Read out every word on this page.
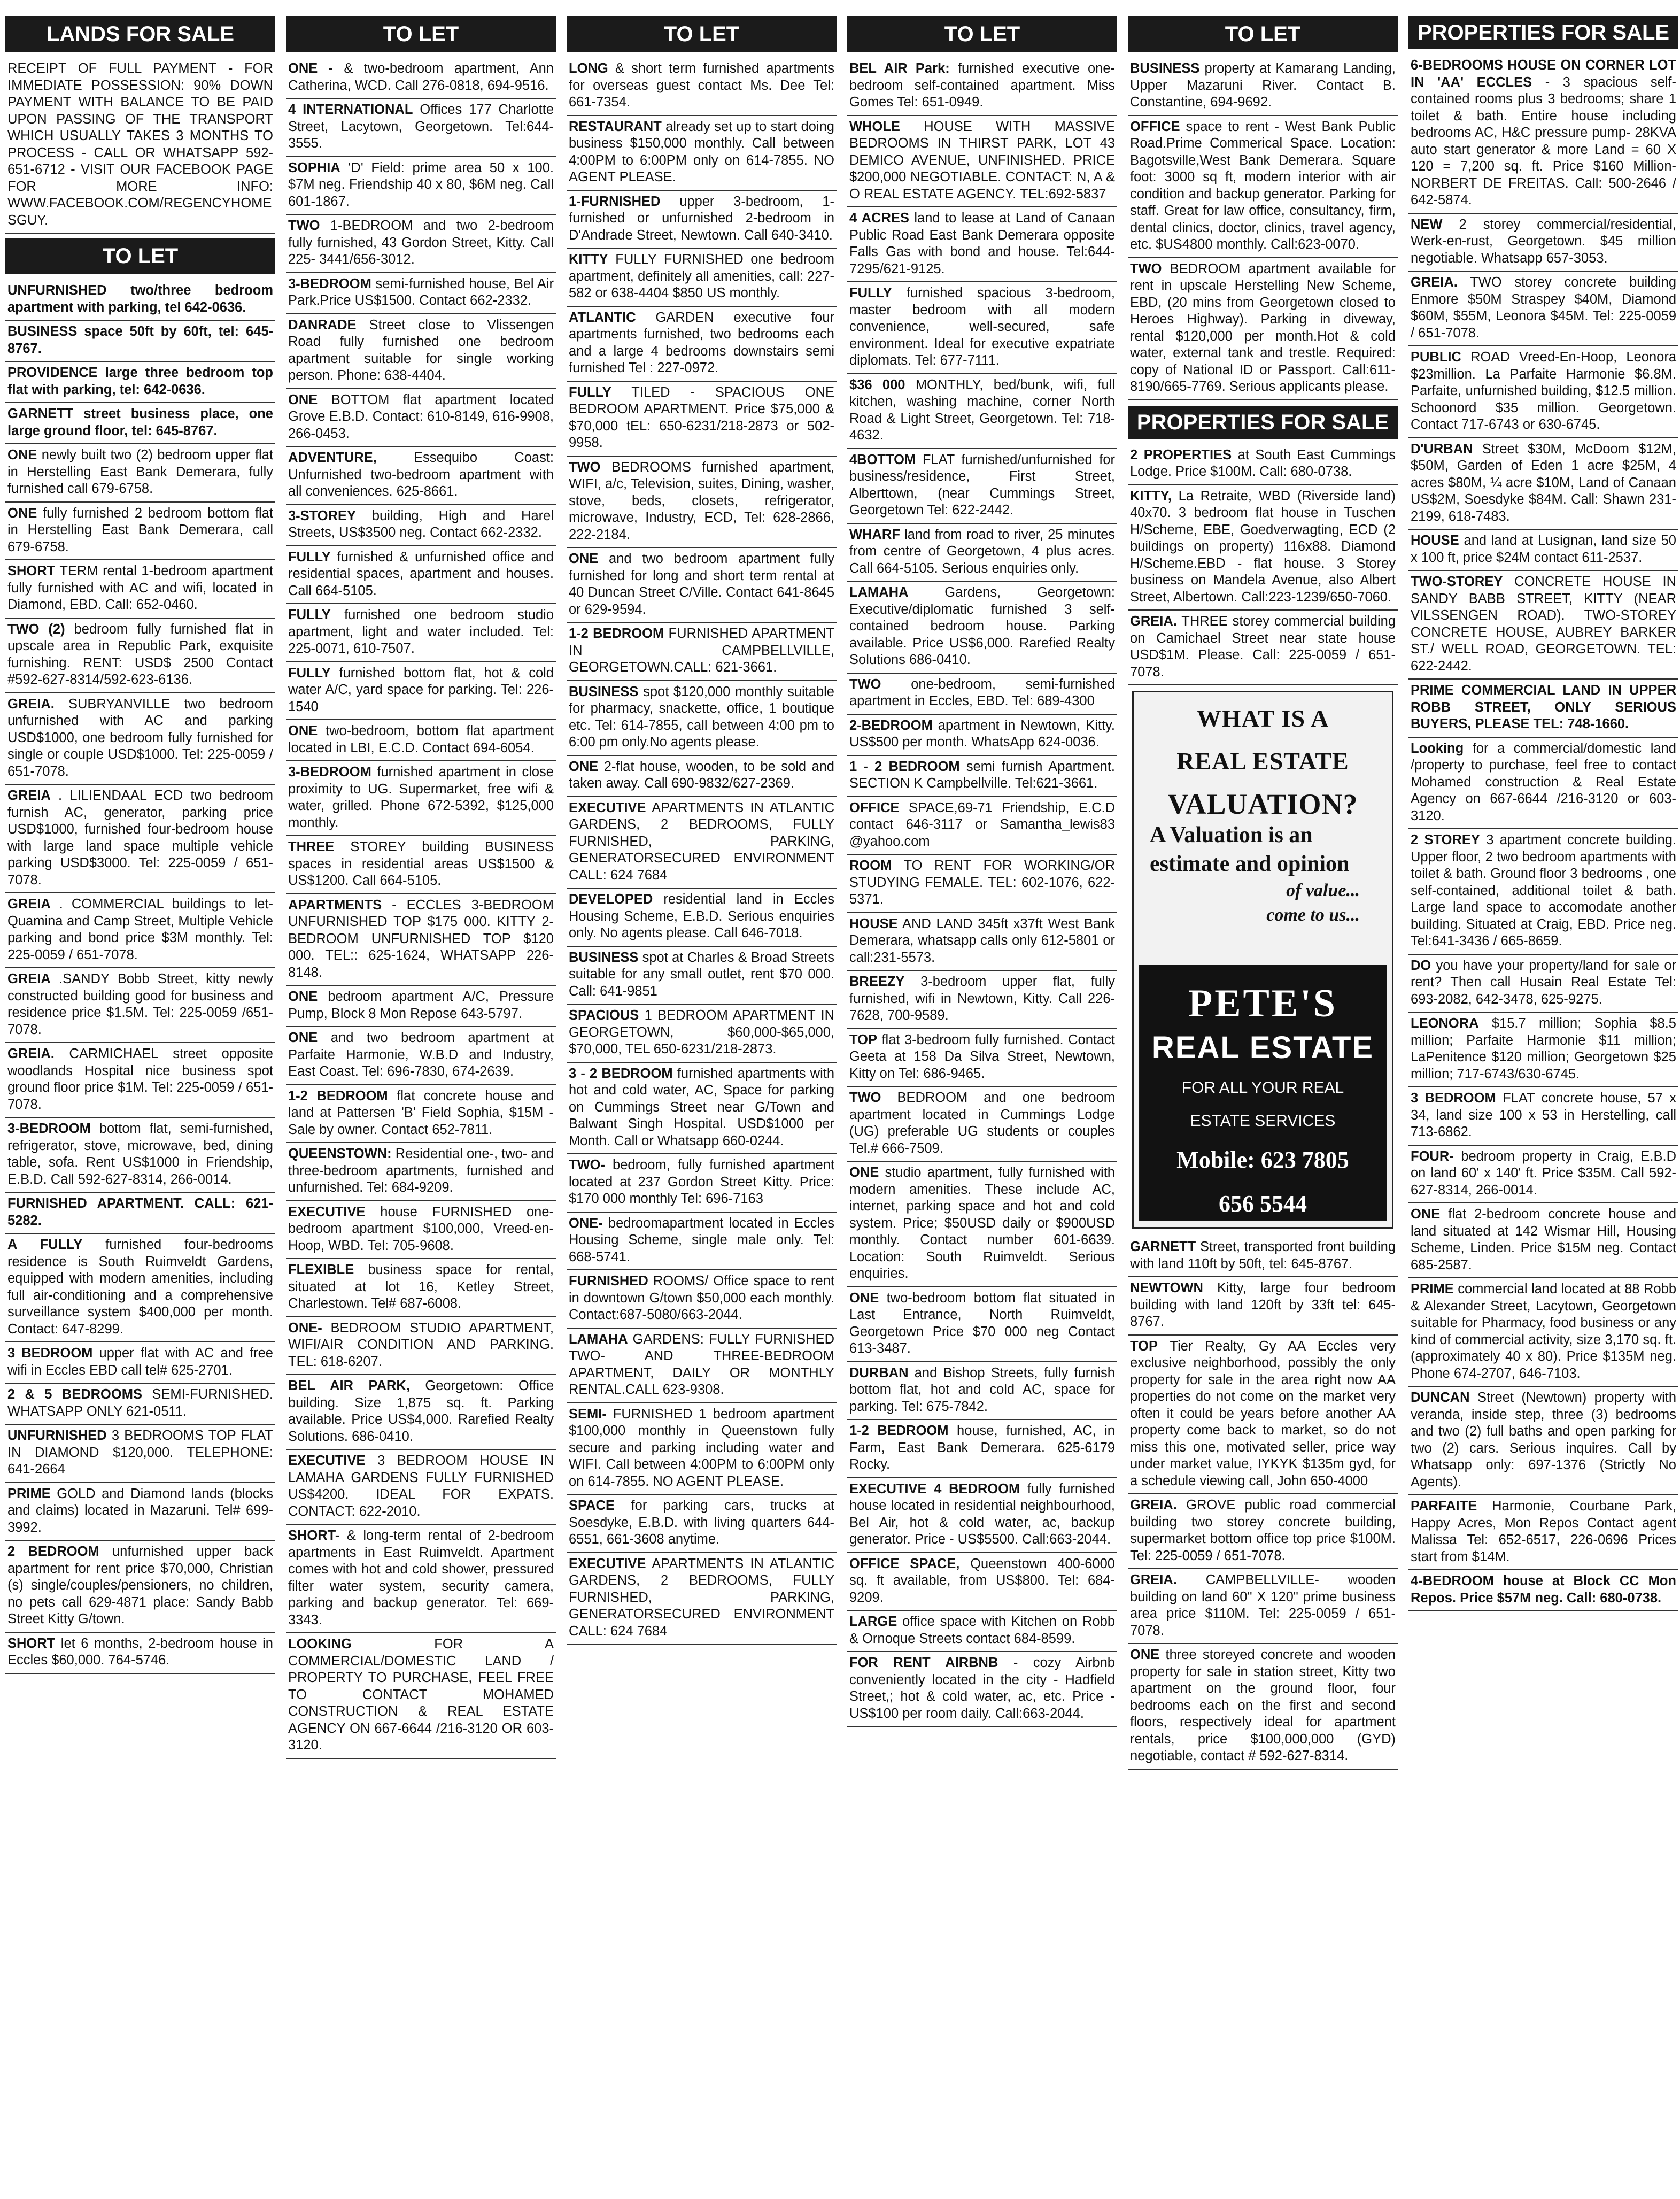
LANDS FOR SALE

RECEIPT OF FULL PAYMENT - FOR IMMEDIATE POSSESSION: 90% DOWN PAYMENT WITH BALANCE TO BE PAID UPON PASSING OF THE TRANSPORT WHICH USUALLY TAKES 3 MONTHS TO PROCESS - CALL OR WHATSAPP 592-651-6712 - VISIT OUR FACEBOOK PAGE FOR MORE INFO: WWW.FACEBOOK.COM/REGENCYHOMESGUY.

TO LET

UNFURNISHED two/three bedroom apartment with parking, tel 642-0636.

BUSINESS space 50ft by 60ft, tel: 645-8767.

PROVIDENCE large three bedroom top flat with parking, tel: 642-0636.

GARNETT street business place, one large ground floor, tel: 645-8767.

ONE newly built two (2) bedroom upper flat in Herstelling East Bank Demerara, fully furnished call 679-6758.

ONE fully furnished 2 bedroom bottom flat in Herstelling East Bank Demerara, call 679-6758.

SHORT TERM rental 1-bedroom apartment fully furnished with AC and wifi, located in Diamond, EBD. Call: 652-0460.

TWO (2) bedroom fully furnished flat in upscale area in Republic Park, exquisite furnishing. RENT: USD$ 2500 Contact #592-627-8314/592-623-6136.

GREIA. SUBRYANVILLE two bedroom unfurnished with AC and parking USD$1000, one bedroom fully furnished for single or couple USD$1000. Tel: 225-0059 / 651-7078.

GREIA . LILIENDAAL ECD two bedroom furnish AC, generator, parking price USD$1000, furnished four-bedroom house with large land space multiple vehicle parking USD$3000. Tel: 225-0059 / 651-7078.

GREIA . COMMERCIAL buildings to let-Quamina and Camp Street, Multiple Vehicle parking and bond price $3M monthly. Tel: 225-0059 / 651-7078.

GREIA .SANDY Bobb Street, kitty newly constructed building good for business and residence price $1.5M. Tel: 225-0059 /651-7078.

GREIA. CARMICHAEL street opposite woodlands Hospital nice business spot ground floor price $1M. Tel: 225-0059 / 651-7078.

3-BEDROOM bottom flat, semi-furnished, refrigerator, stove, microwave, bed, dining table, sofa. Rent US$1000 in Friendship, E.B.D. Call 592-627-8314, 266-0014.

FURNISHED APARTMENT. CALL: 621-5282.

A FULLY furnished four-bedrooms residence is South Ruimveldt Gardens, equipped with modern amenities, including full air-conditioning and a comprehensive surveillance system $400,000 per month. Contact: 647-8299.

3 BEDROOM upper flat with AC and free wifi in Eccles EBD call tel# 625-2701.

2 & 5 BEDROOMS SEMI-FURNISHED. WHATSAPP ONLY 621-0511.

UNFURNISHED 3 BEDROOMS TOP FLAT IN DIAMOND $120,000. TELEPHONE: 641-2664

PRIME GOLD and Diamond lands (blocks and claims) located in Mazaruni. Tel# 699-3992.

2 BEDROOM unfurnished upper back apartment for rent price $70,000, Christian (s) single/couples/pensioners, no children, no pets call 629-4871 place: Sandy Babb Street Kitty G/town.

SHORT let 6 months, 2-bedroom house in Eccles $60,000. 764-5746.

TO LET

ONE - & two-bedroom apartment, Ann Catherina, WCD. Call 276-0818, 694-9516.

4 INTERNATIONAL Offices 177 Charlotte Street, Lacytown, Georgetown. Tel:644-3555.

SOPHIA 'D' Field: prime area 50 x 100. $7M neg. Friendship 40 x 80, $6M neg. Call 601-1867.

TWO 1-BEDROOM and two 2-bedroom fully furnished, 43 Gordon Street, Kitty. Call 225- 3441/656-3012.

3-BEDROOM semi-furnished house, Bel Air Park.Price US$1500. Contact 662-2332.

DANRADE Street close to Vlissengen Road fully furnished one bedroom apartment suitable for single working person. Phone: 638-4404.

ONE BOTTOM flat apartment located Grove E.B.D. Contact: 610-8149, 616-9908, 266-0453.

ADVENTURE,	Essequibo Coast: Unfurnished two-bedroom apartment with all conveniences. 625-8661.

3-STOREY building, High and Harel Streets, US$3500 neg. Contact 662-2332.

FULLY furnished & unfurnished office and residential spaces, apartment and houses. Call 664-5105.

FULLY furnished one bedroom studio apartment, light and water included. Tel: 225-0071, 610-7507.

FULLY furnished bottom flat, hot & cold water A/C, yard space for parking. Tel: 226-1540

ONE two-bedroom, bottom flat apartment located in LBI, E.C.D. Contact 694-6054.

3-BEDROOM furnished apartment in close proximity to UG. Supermarket, free wifi & water, grilled. Phone 672-5392, $125,000 monthly.

THREE STOREY building BUSINESS spaces in residential areas US$1500 & US$1200. Call 664-5105.

APARTMENTS - ECCLES 3-BEDROOM UNFURNISHED TOP $175 000. KITTY 2-BEDROOM UNFURNISHED TOP $120 000. TEL:: 625-1624, WHATSAPP 226-8148.

ONE bedroom apartment A/C, Pressure Pump, Block 8 Mon Repose 643-5797.

ONE and two bedroom apartment at Parfaite Harmonie, W.B.D and Industry, East Coast. Tel: 696-7830, 674-2639.

1-2 BEDROOM flat concrete house and land at Pattersen 'B' Field Sophia, $15M - Sale by owner. Contact 652-7811.

QUEENSTOWN: Residential one-, two- and three-bedroom apartments, furnished and unfurnished. Tel: 684-9209.

EXECUTIVE house FURNISHED one-bedroom apartment $100,000, Vreed-en-Hoop, WBD. Tel: 705-9608.

FLEXIBLE business space for rental, situated at lot 16, Ketley Street, Charlestown. Tel# 687-6008.

ONE- BEDROOM STUDIO APARTMENT, WIFI/AIR CONDITION AND PARKING. TEL: 618-6207.

BEL AIR PARK, Georgetown: Office building. Size 1,875 sq. ft. Parking available. Price US$4,000. Rarefied Realty Solutions. 686-0410.

EXECUTIVE 3 BEDROOM HOUSE IN LAMAHA GARDENS FULLY FURNISHED US$4200. IDEAL FOR EXPATS. CONTACT: 622-2010.

SHORT- & long-term rental of 2-bedroom apartments in East Ruimveldt. Apartment comes with hot and cold shower, pressured filter water system, security camera, parking and backup generator. Tel: 669-3343.

LOOKING	FOR A COMMERCIAL/DOMESTIC LAND / PROPERTY TO PURCHASE, FEEL FREE TO CONTACT MOHAMED CONSTRUCTION & REAL ESTATE AGENCY ON 667-6644 /216-3120 OR 603-3120.

TO LET

LONG & short term furnished apartments for overseas guest contact Ms. Dee Tel: 661-7354.

RESTAURANT already set up to start doing business $150,000 monthly. Call between 4:00PM to 6:00PM only on 614-7855. NO AGENT PLEASE.

1-FURNISHED upper 3-bedroom, 1-furnished or unfurnished 2-bedroom in D'Andrade Street, Newtown. Call 640-3410.

KITTY FULLY FURNISHED one bedroom apartment, definitely all amenities, call: 227-582 or 638-4404 $850 US monthly.

ATLANTIC GARDEN executive four apartments furnished, two bedrooms each and a large 4 bedrooms downstairs semi furnished Tel : 227-0972.

FULLY TILED - SPACIOUS ONE BEDROOM APARTMENT. Price $75,000 & $70,000 tEL: 650-6231/218-2873 or 502-9958.

TWO BEDROOMS furnished apartment, WIFI, a/c, Television, suites, Dining, washer, stove, beds, closets, refrigerator, microwave, Industry, ECD, Tel: 628-2866, 222-2184.

ONE and two bedroom apartment fully furnished for long and short term rental at 40 Duncan Street C/Ville. Contact 641-8645 or 629-9594.

1-2 BEDROOM FURNISHED APARTMENT IN CAMPBELLVILLE, GEORGETOWN.CALL: 621-3661.

BUSINESS spot $120,000 monthly suitable for pharmacy, snackette, office, 1 boutique etc. Tel: 614-7855, call between 4:00 pm to 6:00 pm only.No agents please.

ONE 2-flat house, wooden, to be sold and taken away. Call 690-9832/627-2369.

EXECUTIVE APARTMENTS IN ATLANTIC GARDENS, 2 BEDROOMS, FULLY FURNISHED, PARKING, GENERATORSECURED ENVIRONMENT CALL: 624 7684

DEVELOPED residential land in Eccles Housing Scheme, E.B.D. Serious enquiries only. No agents please. Call 646-7018.

BUSINESS spot at Charles & Broad Streets suitable for any small outlet, rent $70 000. Call: 641-9851

SPACIOUS 1 BEDROOM APARTMENT IN GEORGETOWN, $60,000-$65,000, $70,000, TEL 650-6231/218-2873.

3 - 2 BEDROOM furnished apartments with hot and cold water, AC, Space for parking on Cummings Street near G/Town and Balwant Singh Hospital. USD$1000 per Month. Call or Whatsapp 660-0244.

TWO- bedroom, fully furnished apartment located at 237 Gordon Street Kitty. Price: $170 000 monthly Tel: 696-7163

ONE- bedroomapartment located in Eccles Housing Scheme, single male only. Tel: 668-5741.

FURNISHED ROOMS/ Office space to rent in downtown G/town $50,000 each monthly. Contact:687-5080/663-2044.

LAMAHA GARDENS: FULLY FURNISHED TWO- AND THREE-BEDROOM APARTMENT, DAILY OR MONTHLY RENTAL.CALL 623-9308.

SEMI- FURNISHED 1 bedroom apartment $100,000 monthly in Queenstown fully secure and parking including water and WIFI. Call between 4:00PM to 6:00PM only on 614-7855. NO AGENT PLEASE.

SPACE for parking cars, trucks at Soesdyke, E.B.D. with living quarters 644-6551, 661-3608 anytime.

EXECUTIVE APARTMENTS IN ATLANTIC GARDENS, 2 BEDROOMS, FULLY FURNISHED, PARKING, GENERATORSECURED ENVIRONMENT CALL: 624 7684

TO LET

BEL AIR Park: furnished executive one-bedroom self-contained apartment. Miss Gomes Tel: 651-0949.

WHOLE HOUSE WITH MASSIVE BEDROOMS IN THIRST PARK, LOT 43 DEMICO AVENUE, UNFINISHED. PRICE $200,000 NEGOTIABLE. CONTACT: N, A & O REAL ESTATE AGENCY. TEL:692-5837

4 ACRES land to lease at Land of Canaan Public Road East Bank Demerara opposite Falls Gas with bond and house. Tel:644-7295/621-9125.

FULLY furnished spacious 3-bedroom, master bedroom with all modern convenience, well-secured, safe environment. Ideal for executive expatriate diplomats. Tel: 677-7111.

$36 000 MONTHLY, bed/bunk, wifi, full kitchen, washing machine, corner North Road & Light Street, Georgetown. Tel: 718-4632.

4BOTTOM FLAT furnished/unfurnished for business/residence, First Street, Alberttown, (near Cummings Street, Georgetown Tel: 622-2442.

WHARF land from road to river, 25 minutes from centre of Georgetown, 4 plus acres. Call 664-5105. Serious enquiries only.

LAMAHA	Gardens, Georgetown: Executive/diplomatic furnished 3 self-contained bedroom house. Parking available. Price US$6,000. Rarefied Realty Solutions 686-0410.

TWO one-bedroom, semi-furnished apartment in Eccles, EBD. Tel: 689-4300

2-BEDROOM apartment in Newtown, Kitty. US$500 per month. WhatsApp 624-0036.

1 - 2 BEDROOM semi furnish Apartment. SECTION K Campbellville. Tel:621-3661.

OFFICE SPACE,69-71 Friendship, E.C.D contact 646-3117 or Samantha_lewis83 @yahoo.com

ROOM TO RENT FOR WORKING/OR STUDYING FEMALE. TEL: 602-1076, 622-5371.

HOUSE AND LAND 345ft x37ft West Bank Demerara, whatsapp calls only 612-5801 or call:231-5573.

BREEZY 3-bedroom upper flat, fully furnished, wifi in Newtown, Kitty. Call 226-7628, 700-9589.

TOP flat 3-bedroom fully furnished. Contact Geeta at 158 Da Silva Street, Newtown, Kitty on Tel: 686-9465.

TWO BEDROOM and one bedroom apartment located in Cummings Lodge (UG) preferable UG students or couples Tel.# 666-7509.

ONE studio apartment, fully furnished with modern amenities. These include AC, internet, parking space and hot and cold system. Price; $50USD daily or $900USD monthly. Contact number 601-6639. Location: South Ruimveldt. Serious enquiries.

ONE two-bedroom bottom flat situated in Last Entrance, North Ruimveldt, Georgetown Price $70 000 neg Contact 613-3487.

DURBAN and Bishop Streets, fully furnish bottom flat, hot and cold AC, space for parking. Tel: 675-7842.

1-2 BEDROOM house, furnished, AC, in Farm, East Bank Demerara. 625-6179 Rocky.

EXECUTIVE 4 BEDROOM fully furnished house located in residential neighbourhood, Bel Air, hot & cold water, ac, backup generator. Price - US$5500. Call:663-2044.

OFFICE SPACE, Queenstown 400-6000 sq. ft available, from US$800. Tel: 684-9209.

LARGE office space with Kitchen on Robb & Ornoque Streets contact 684-8599.

FOR RENT AIRBNB - cozy Airbnb conveniently located in the city - Hadfield Street,; hot & cold water, ac, etc. Price - US$100 per room daily. Call:663-2044.

TO LET

BUSINESS property at Kamarang Landing, Upper Mazaruni River. Contact B. Constantine, 694-9692.

OFFICE space to rent - West Bank Public Road.Prime Commerical Space. Location: Bagotsville,West Bank Demerara. Square foot: 3000 sq ft, modern interior with air condition and backup generator. Parking for staff. Great for law office, consultancy, firm, dental clinics, doctor, clinics, travel agency, etc. $US4800 monthly. Call:623-0070.

TWO BEDROOM apartment available for rent in upscale Herstelling New Scheme, EBD, (20 mins from Georgetown closed to Heroes Highway). Parking in diveway, rental $120,000 per month.Hot & cold water, external tank and trestle. Required: copy of National ID or Passport. Call:611-8190/665-7769. Serious applicants please.

PROPERTIES FOR SALE

2 PROPERTIES at South East Cummings Lodge. Price $100M. Call: 680-0738.

KITTY, La Retraite, WBD (Riverside land) 40x70. 3 bedroom flat house in Tuschen H/Scheme, EBE, Goedverwagting, ECD (2 buildings on property) 116x88. Diamond H/Scheme.EBD - flat house. 3 Storey business on Mandela Avenue, also Albert Street, Albertown. Call:223-1239/650-7060.

GREIA. THREE storey commercial building on Camichael Street near state house USD$1M. Please. Call: 225-0059 / 651-7078.

WHAT IS A
REAL ESTATE
VALUATION?
A Valuation is an
estimate and opinion
of value...
come to us...
PETE'S
REAL ESTATE
FOR ALL YOUR REAL
ESTATE SERVICES
Mobile: 623 7805
656 5544

GARNETT Street, transported front building with land 110ft by 50ft, tel: 645-8767.

NEWTOWN Kitty, large four bedroom building with land 120ft by 33ft tel: 645-8767.

TOP Tier Realty, Gy AA Eccles very exclusive neighborhood, possibly the only property for sale in the area right now AA properties do not come on the market very often it could be years before another AA property come back to market, so do not miss this one, motivated seller, price way under market value, IYKYK $135m gyd, for a schedule viewing call, John 650-4000

GREIA. GROVE public road commercial building two storey concrete building, supermarket bottom office top price $100M. Tel: 225-0059 / 651-7078.

GREIA. CAMPBELLVILLE- wooden building on land 60" X 120" prime business area price $110M. Tel: 225-0059 / 651-7078.

ONE three storeyed concrete and wooden property for sale in station street, Kitty two apartment on the ground floor, four bedrooms each on the first and second floors, respectively ideal for apartment rentals, price $100,000,000 (GYD) negotiable, contact # 592-627-8314.

PROPERTIES FOR SALE

6-BEDROOMS HOUSE ON CORNER LOT IN 'AA' ECCLES - 3 spacious self-contained rooms plus 3 bedrooms; share 1 toilet & bath. Entire house including bedrooms AC, H&C pressure pump- 28KVA auto start generator & more Land = 60 X 120 = 7,200 sq. ft. Price $160 Million- NORBERT DE FREITAS. Call: 500-2646 / 642-5874.

NEW 2 storey commercial/residential, Werk-en-rust, Georgetown. $45 million negotiable. Whatsapp 657-3053.

GREIA. TWO storey concrete building Enmore $50M Straspey $40M, Diamond $60M, $55M, Leonora $45M. Tel: 225-0059 / 651-7078.

PUBLIC ROAD Vreed-En-Hoop, Leonora $23million. La Parfaite Harmonie $6.8M. Parfaite, unfurnished building, $12.5 million. Schoonord $35 million. Georgetown. Contact 717-6743 or 630-6745.

D'URBAN Street $30M, McDoom $12M, $50M, Garden of Eden 1 acre $25M, 4 acres $80M, ¼ acre $10M, Land of Canaan US$2M, Soesdyke $84M. Call: Shawn 231-2199, 618-7483.

HOUSE and land at Lusignan, land size 50 x 100 ft, price $24M contact 611-2537.

TWO-STOREY CONCRETE HOUSE IN SANDY BABB STREET, KITTY (NEAR VILSSENGEN ROAD). TWO-STOREY CONCRETE HOUSE, AUBREY BARKER ST./ WELL ROAD, GEORGETOWN. TEL: 622-2442.

PRIME COMMERCIAL LAND IN UPPER ROBB STREET, ONLY SERIOUS BUYERS, PLEASE TEL: 748-1660.

Looking for a commercial/domestic land /property to purchase, feel free to contact Mohamed construction & Real Estate Agency on 667-6644 /216-3120 or 603-3120.

2 STOREY 3 apartment concrete building. Upper floor, 2 two bedroom apartments with toilet & bath. Ground floor 3 bedrooms , one self-contained, additional toilet & bath. Large land space to accomodate another building. Situated at Craig, EBD. Price neg. Tel:641-3436 / 665-8659.

DO you have your property/land for sale or rent? Then call Husain Real Estate Tel: 693-2082, 642-3478, 625-9275.

LEONORA $15.7 million; Sophia $8.5 million; Parfaite Harmonie $11 million; LaPenitence $120 million; Georgetown $25 million; 717-6743/630-6745.

3 BEDROOM FLAT concrete house, 57 x 34, land size 100 x 53 in Herstelling, call 713-6862.

FOUR- bedroom property in Craig, E.B.D on land 60' x 140' ft. Price $35M. Call 592-627-8314, 266-0014.

ONE flat 2-bedroom concrete house and land situated at 142 Wismar Hill, Housing Scheme, Linden. Price $15M neg. Contact 685-2587.

PRIME commercial land located at 88 Robb & Alexander Street, Lacytown, Georgetown suitable for Pharmacy, food business or any kind of commercial activity, size 3,170 sq. ft. (approximately 40 x 80). Price $135M neg. Phone 674-2707, 646-7103.

DUNCAN Street (Newtown) property with veranda, inside step, three (3) bedrooms and two (2) full baths and open parking for two (2) cars. Serious inquires. Call by Whatsapp only: 697-1376 (Strictly No Agents).

PARFAITE Harmonie, Courbane Park, Happy Acres, Mon Repos Contact agent Malissa Tel: 652-6517, 226-0696 Prices start from $14M.

4-BEDROOM house at Block CC Mon Repos. Price $57M neg. Call: 680-0738.
